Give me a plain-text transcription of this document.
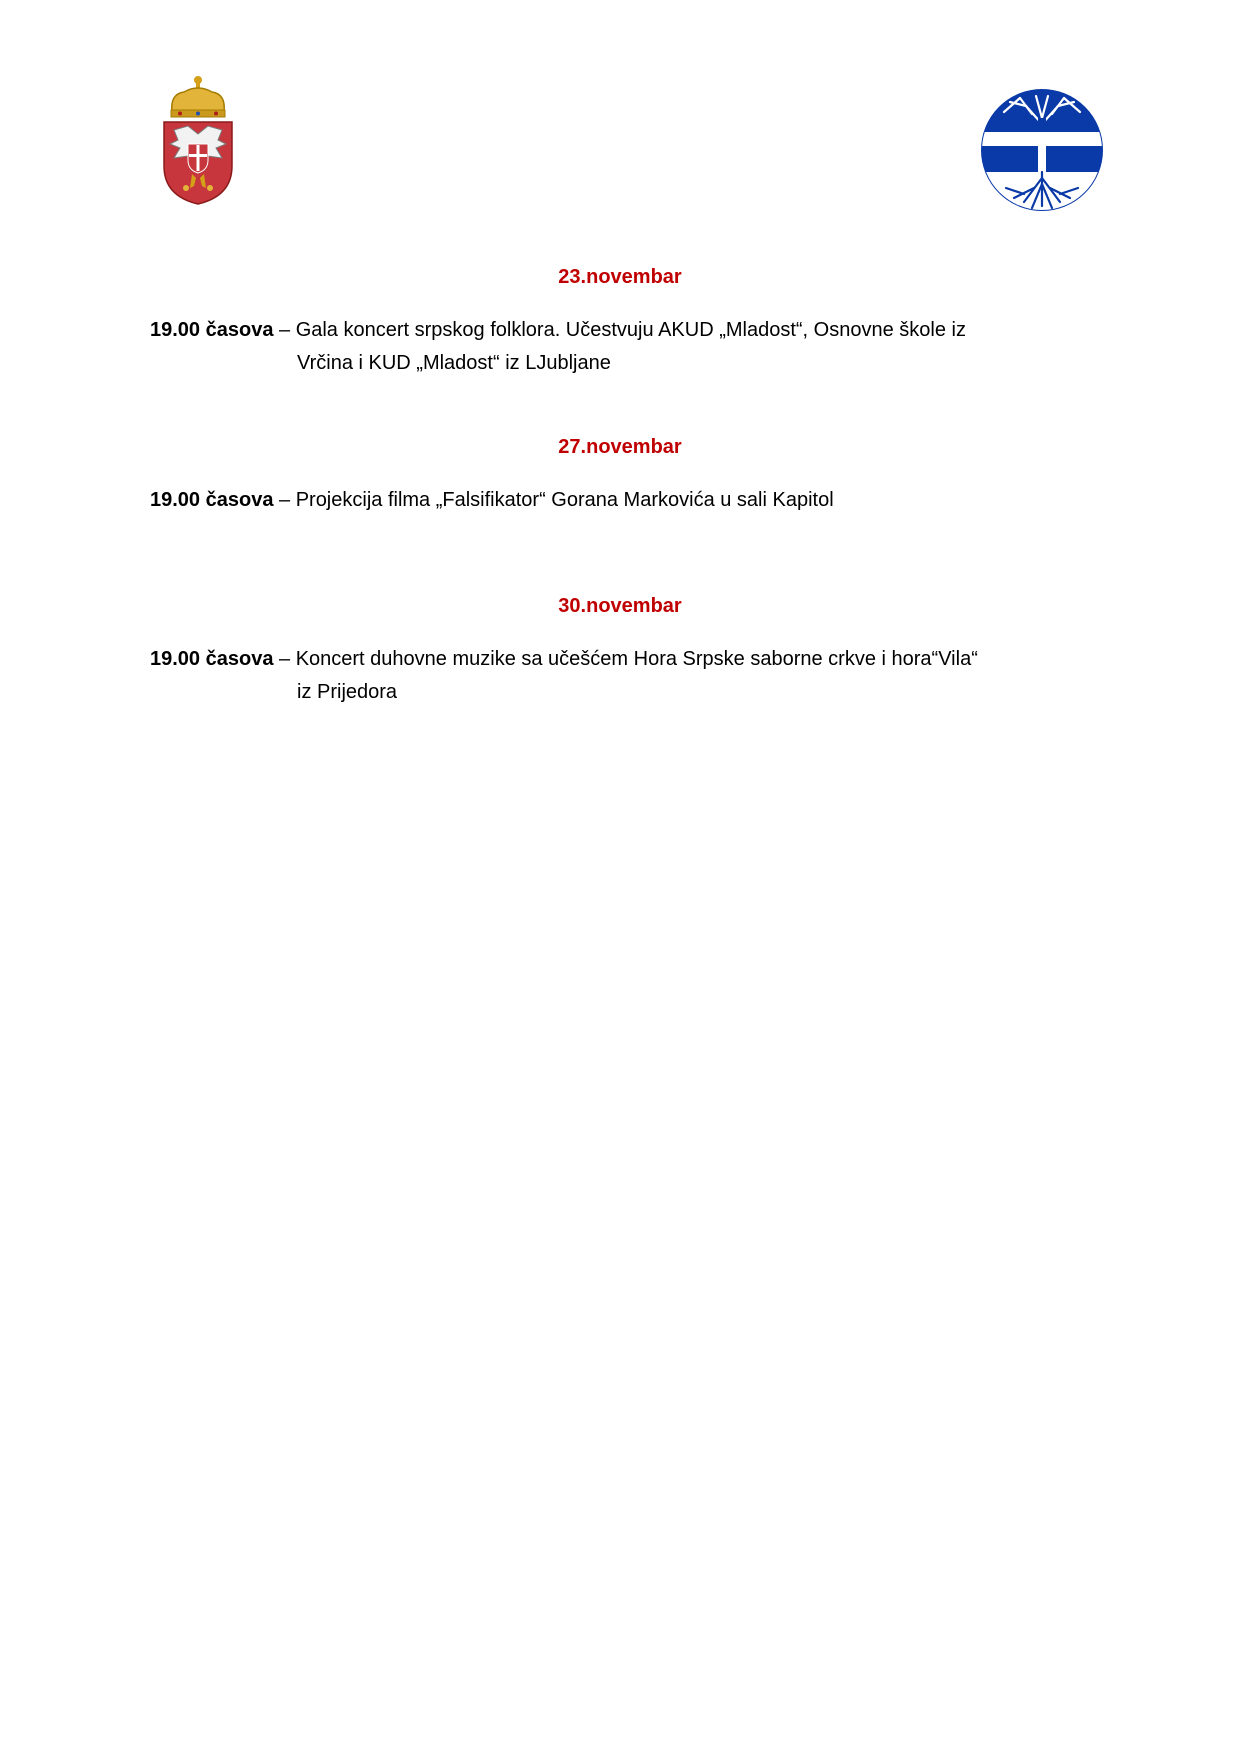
23.novembar
19.00 časova – Gala koncert srpskog folklora. Učestvuju AKUD „Mladost“, Osnovne škole iz
Vrčina i KUD „Mladost“ iz LJubljane
27.novembar
19.00 časova – Projekcija filma „Falsifikator“ Gorana Markovića u sali Kapitol
30.novembar
19.00 časova – Koncert duhovne muzike sa učešćem Hora Srpske saborne crkve i hora“Vila“
iz Prijedora
